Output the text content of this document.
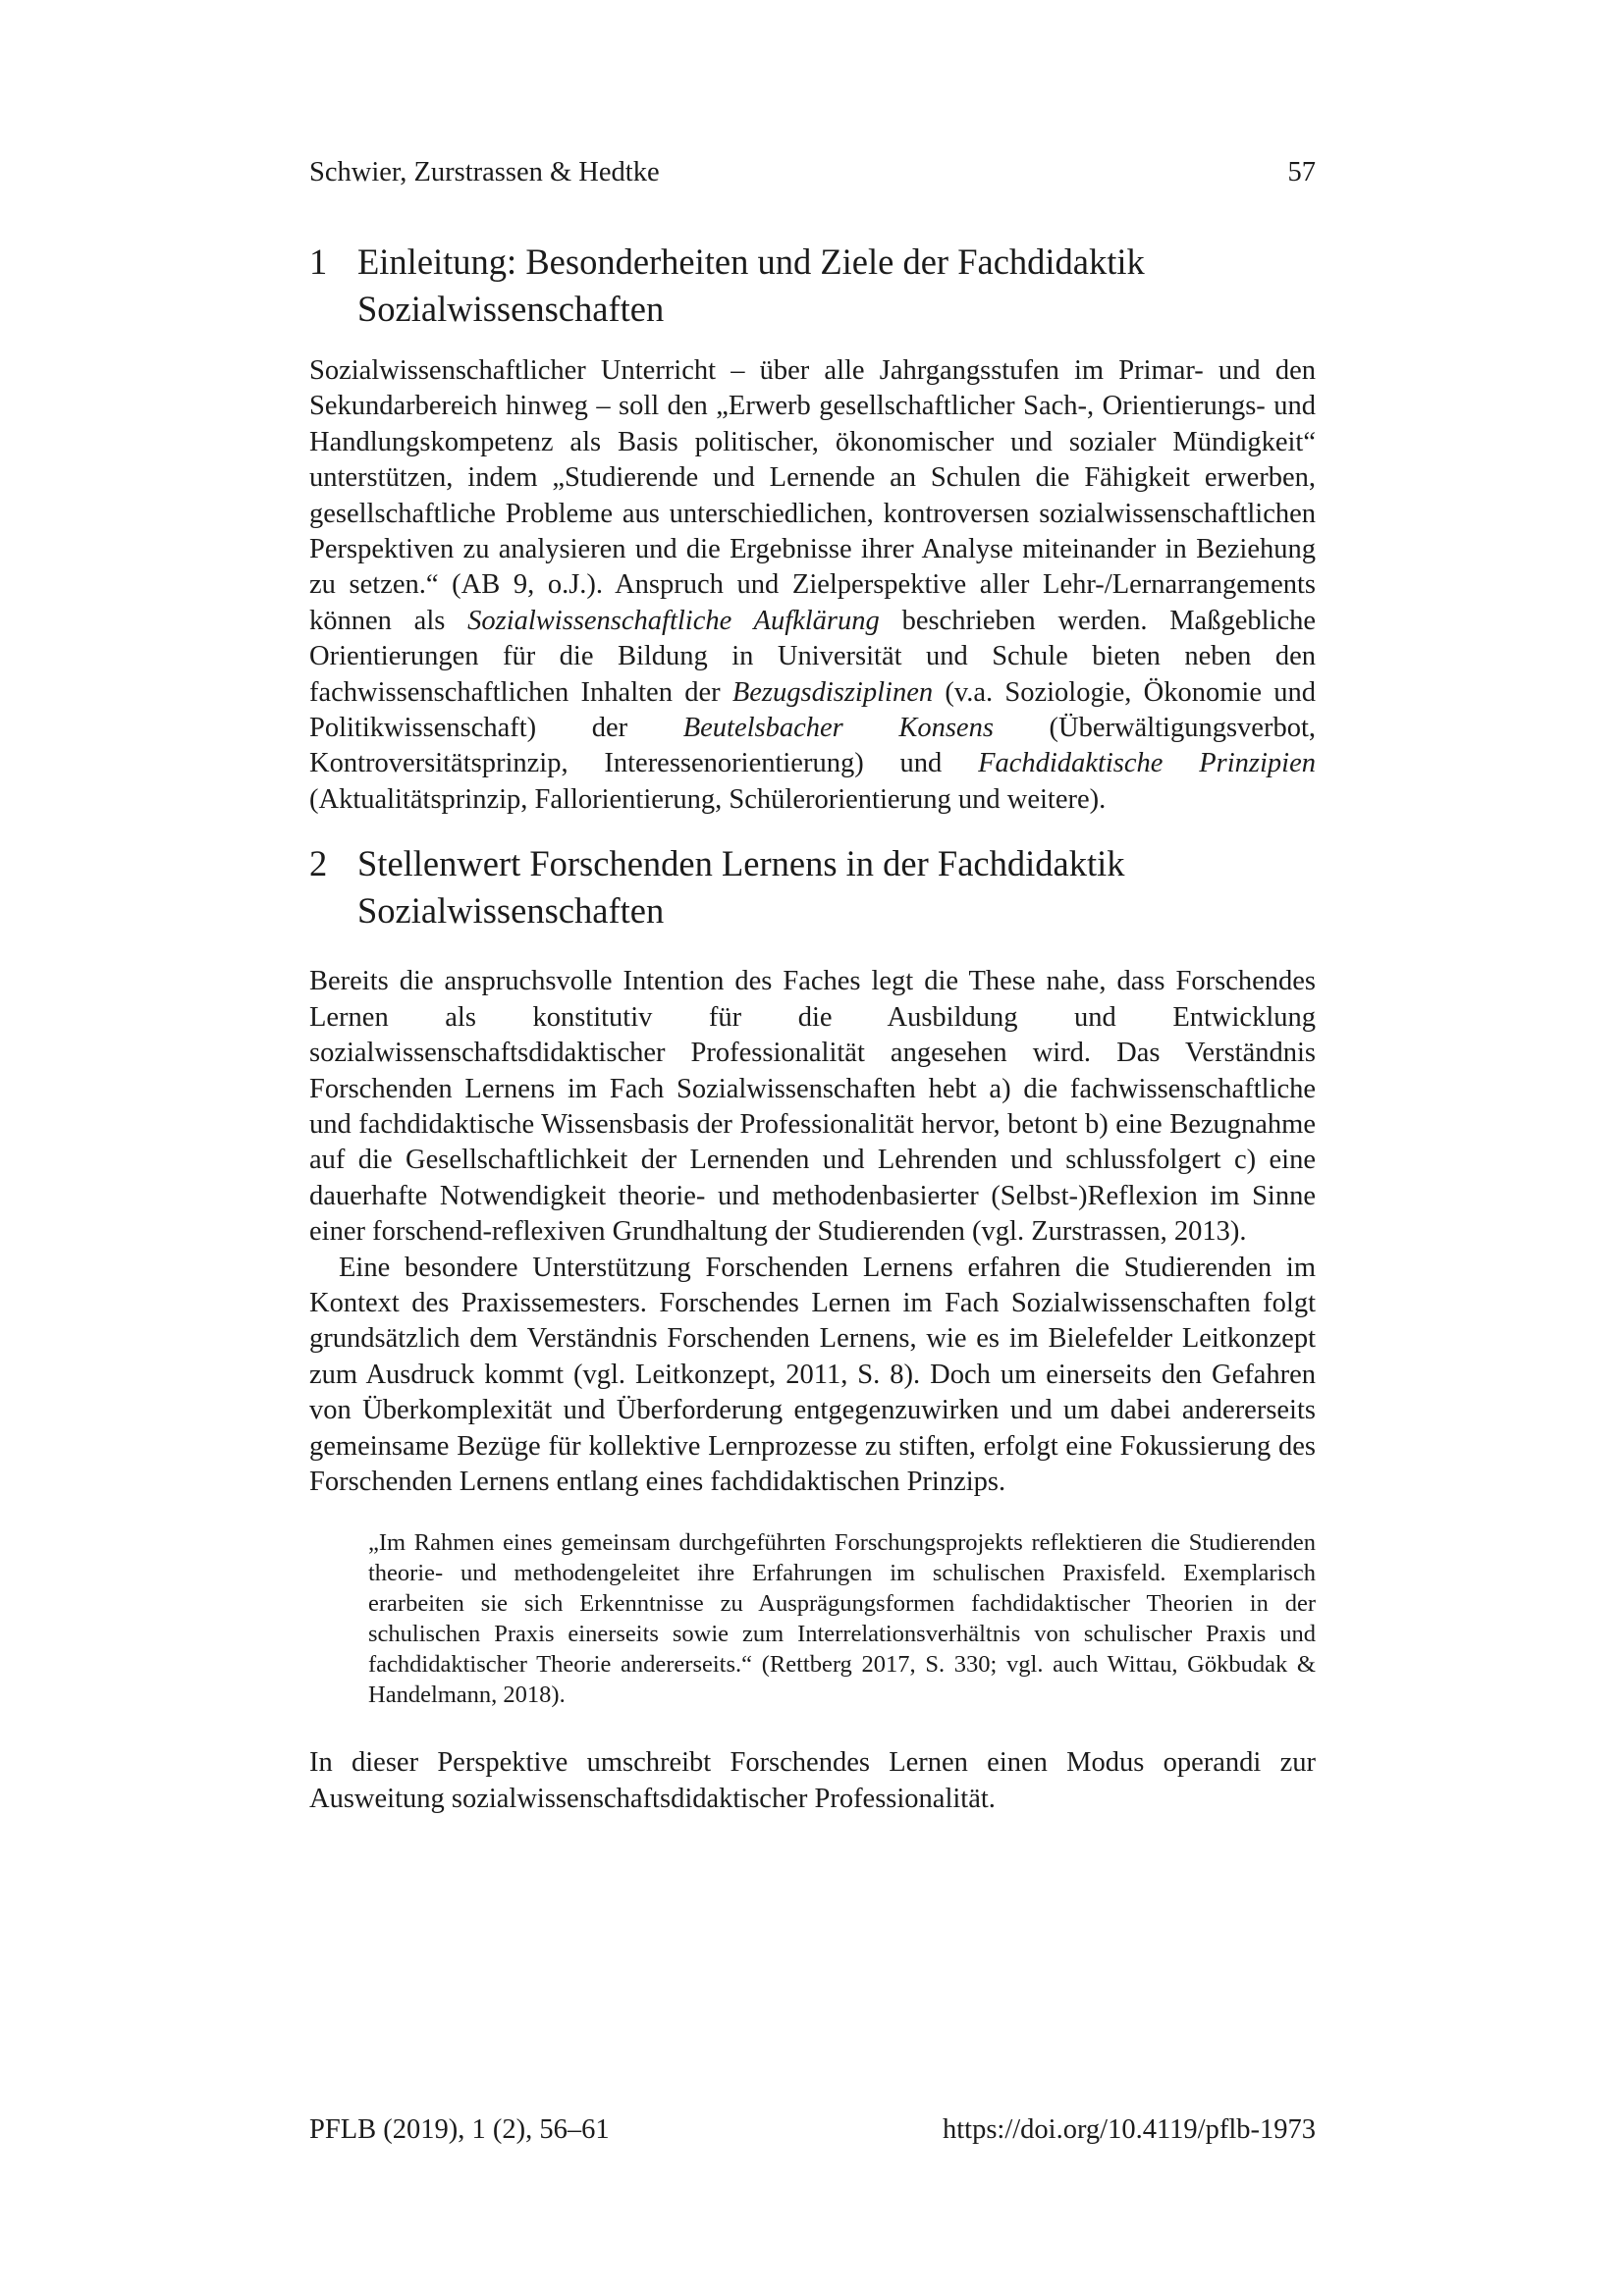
Schwier, Zurstrassen & Hedtke	57
1 Einleitung: Besonderheiten und Ziele der Fachdidaktik Sozialwissenschaften

Sozialwissenschaftlicher Unterricht – über alle Jahrgangsstufen im Primar- und den Sekundarbereich hinweg – soll den „Erwerb gesellschaftlicher Sach-, Orientierungs- und Handlungskompetenz als Basis politischer, ökonomischer und sozialer Mündigkeit“ unterstützen, indem „Studierende und Lernende an Schulen die Fähigkeit erwerben, gesellschaftliche Probleme aus unterschiedlichen, kontroversen sozialwissenschaftlichen Perspektiven zu analysieren und die Ergebnisse ihrer Analyse miteinander in Beziehung zu setzen.“ (AB 9, o.J.). Anspruch und Zielperspektive aller Lehr-/Lernarrangements können als Sozialwissenschaftliche Aufklärung beschrieben werden. Maßgebliche Orientierungen für die Bildung in Universität und Schule bieten neben den fachwissenschaftlichen Inhalten der Bezugsdisziplinen (v.a. Soziologie, Ökonomie und Politikwissenschaft) der Beutelsbacher Konsens (Überwältigungsverbot, Kontroversitätsprinzip, Interessenorientierung) und Fachdidaktische Prinzipien (Aktualitätsprinzip, Fallorientierung, Schülerorientierung und weitere).

2 Stellenwert Forschenden Lernens in der Fachdidaktik Sozialwissenschaften

Bereits die anspruchsvolle Intention des Faches legt die These nahe, dass Forschendes Lernen als konstitutiv für die Ausbildung und Entwicklung sozialwissenschaftsdidaktischer Professionalität angesehen wird. Das Verständnis Forschenden Lernens im Fach Sozialwissenschaften hebt a) die fachwissenschaftliche und fachdidaktische Wissensbasis der Professionalität hervor, betont b) eine Bezugnahme auf die Gesellschaftlichkeit der Lernenden und Lehrenden und schlussfolgert c) eine dauerhafte Notwendigkeit theorie- und methodenbasierter (Selbst-)Reflexion im Sinne einer forschend-reflexiven Grundhaltung der Studierenden (vgl. Zurstrassen, 2013).

Eine besondere Unterstützung Forschenden Lernens erfahren die Studierenden im Kontext des Praxissemesters. Forschendes Lernen im Fach Sozialwissenschaften folgt grundsätzlich dem Verständnis Forschenden Lernens, wie es im Bielefelder Leitkonzept zum Ausdruck kommt (vgl. Leitkonzept, 2011, S. 8). Doch um einerseits den Gefahren von Überkomplexität und Überforderung entgegenzuwirken und um dabei andererseits gemeinsame Bezüge für kollektive Lernprozesse zu stiften, erfolgt eine Fokussierung des Forschenden Lernens entlang eines fachdidaktischen Prinzips.

„Im Rahmen eines gemeinsam durchgeführten Forschungsprojekts reflektieren die Studierenden theorie- und methodengeleitet ihre Erfahrungen im schulischen Praxisfeld. Exemplarisch erarbeiten sie sich Erkenntnisse zu Ausprägungsformen fachdidaktischer Theorien in der schulischen Praxis einerseits sowie zum Interrelationsverhältnis von schulischer Praxis und fachdidaktischer Theorie andererseits.“ (Rettberg 2017, S. 330; vgl. auch Wittau, Gökbudak & Handelmann, 2018).

In dieser Perspektive umschreibt Forschendes Lernen einen Modus operandi zur Ausweitung sozialwissenschaftsdidaktischer Professionalität.

PFLB (2019), 1 (2), 56–61	https://doi.org/10.4119/pflb-1973
